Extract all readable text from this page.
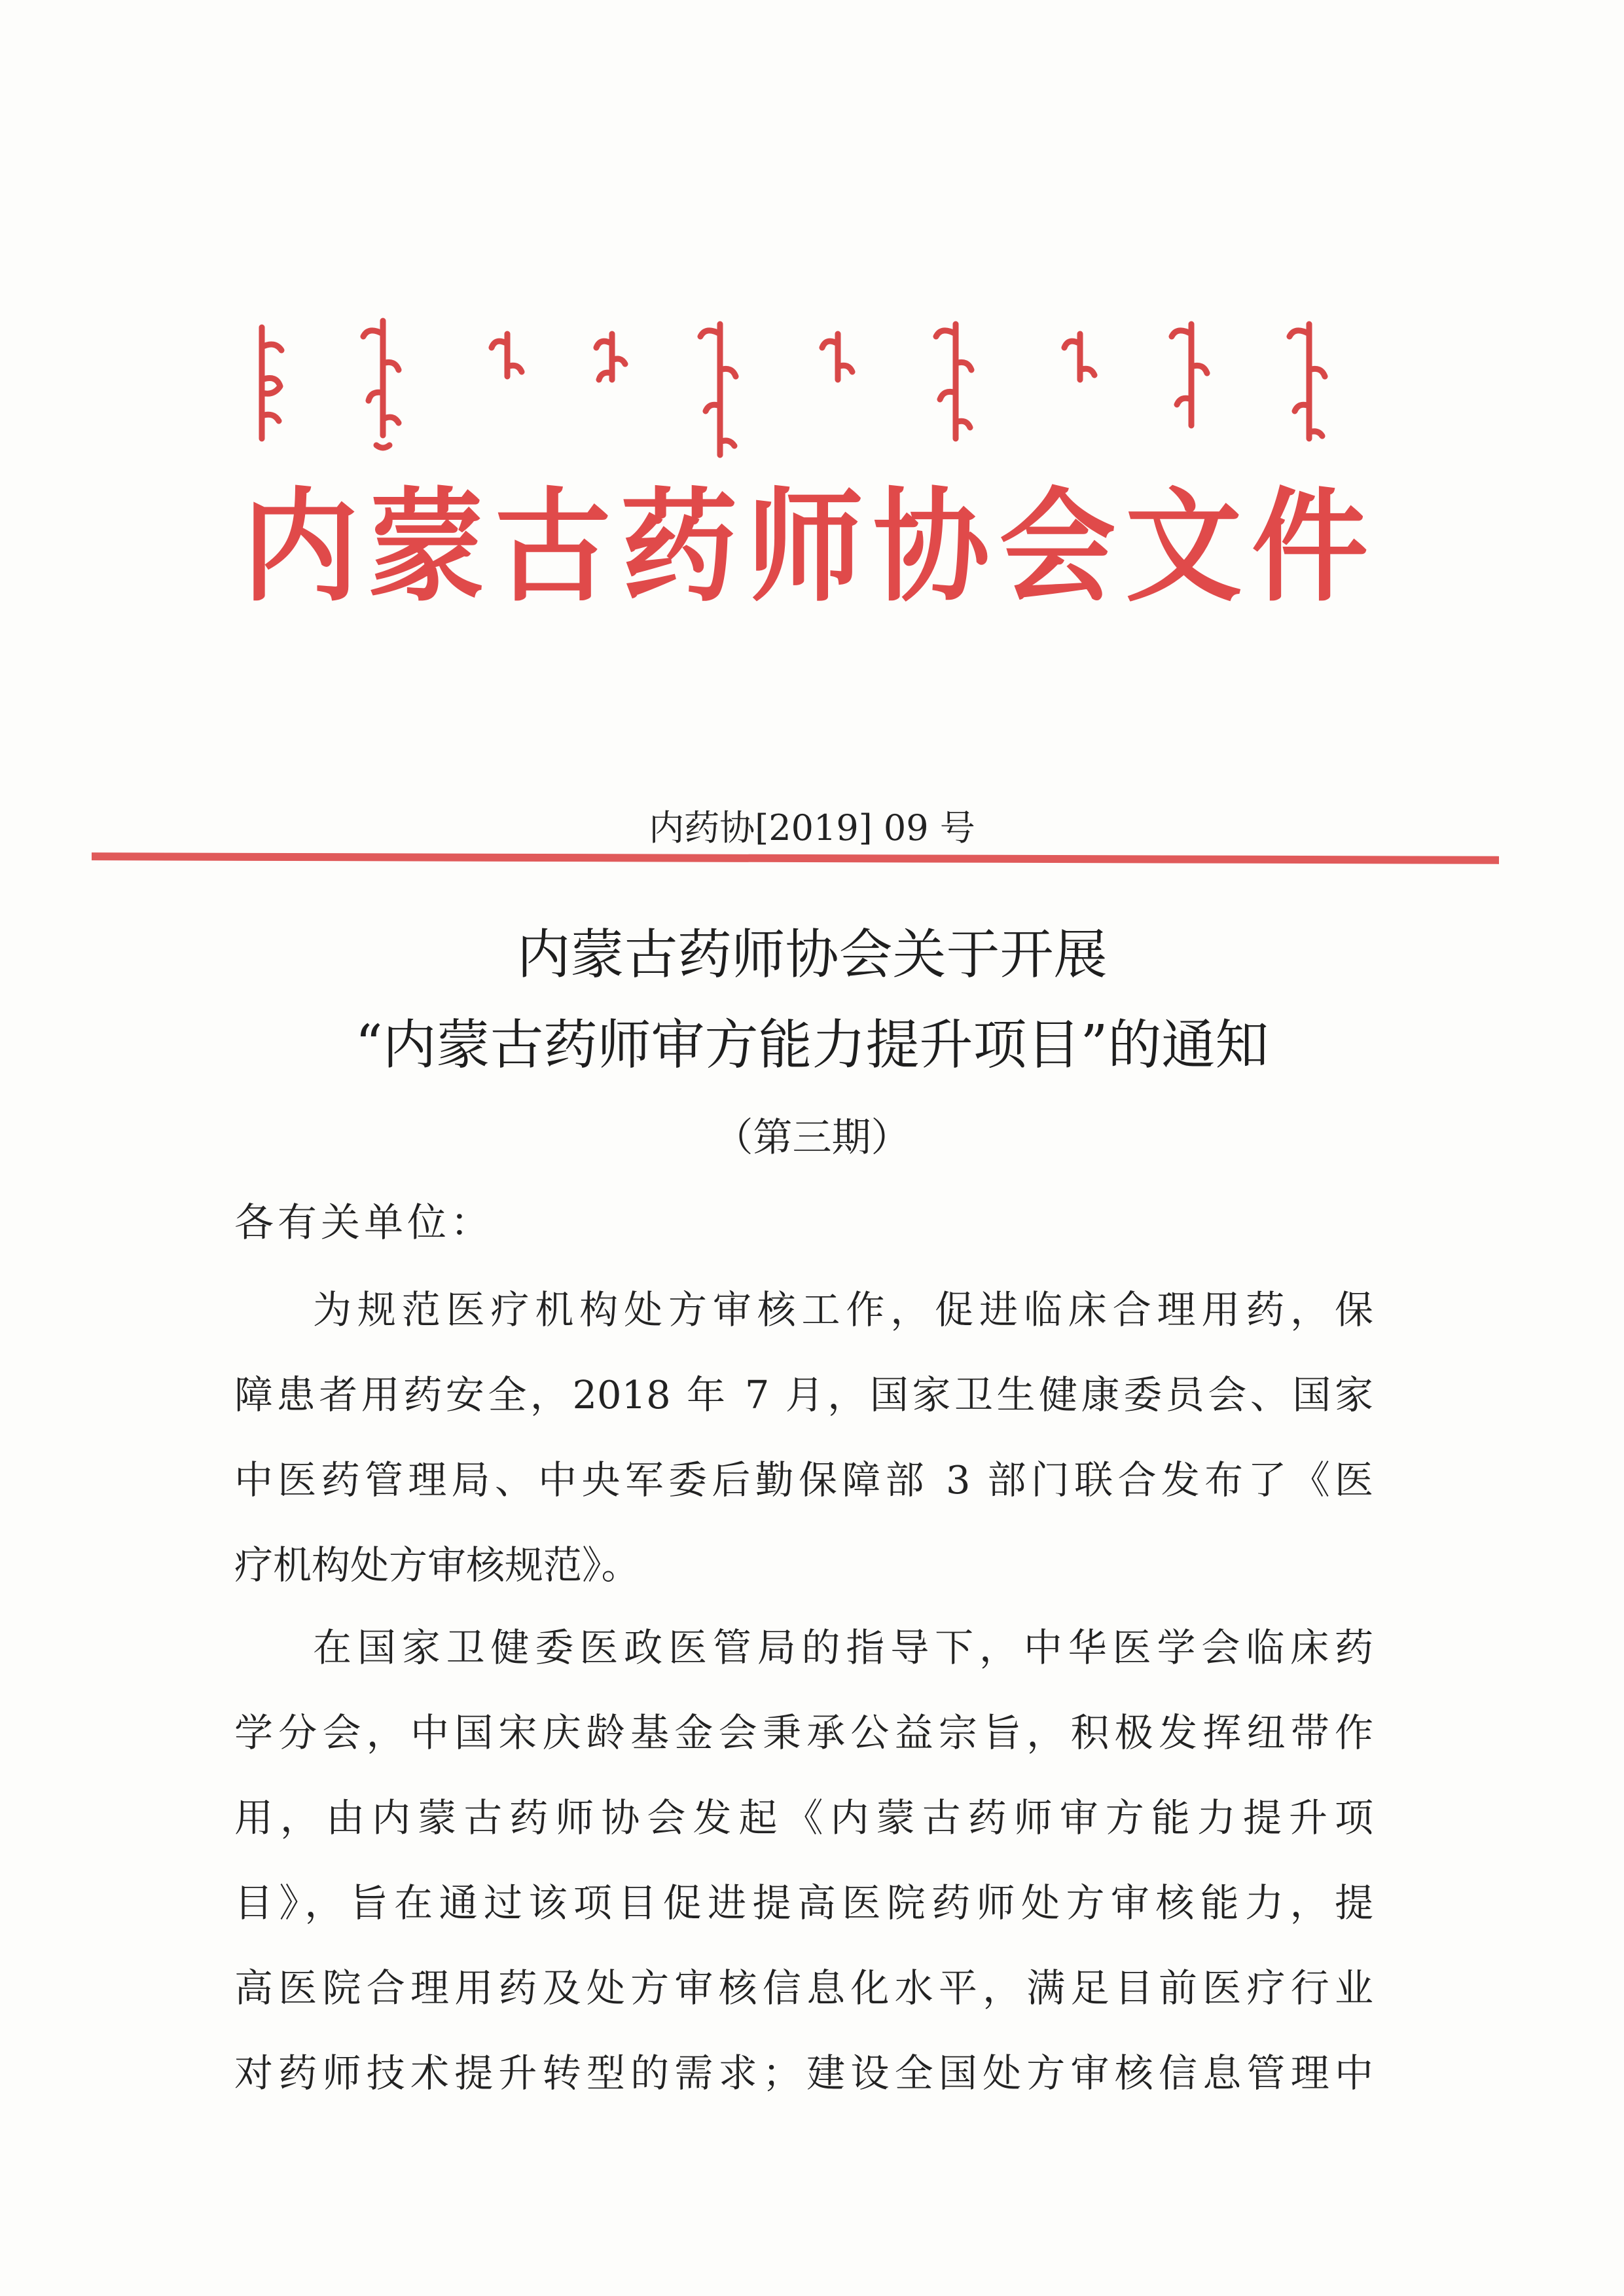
内 蒙 古 药 师 协 会 文 件
内药协[2019] 09 号
内蒙古药师协会关于开展
“内蒙古药师审方能力提升项目”的通知
（第三期）
各有关单位：
为规范医疗机构处方审核工作，促进临床合理用药，保
障患者用药安全，2018 年 7 月，国家卫生健康委员会、国家
中医药管理局、中央军委后勤保障部 3 部门联合发布了《医
疗机构处方审核规范》。
在国家卫健委医政医管局的指导下，中华医学会临床药
学分会，中国宋庆龄基金会秉承公益宗旨，积极发挥纽带作
用，由内蒙古药师协会发起《内蒙古药师审方能力提升项
目》，旨在通过该项目促进提高医院药师处方审核能力，提
高医院合理用药及处方审核信息化水平，满足目前医疗行业
对药师技术提升转型的需求；建设全国处方审核信息管理中
